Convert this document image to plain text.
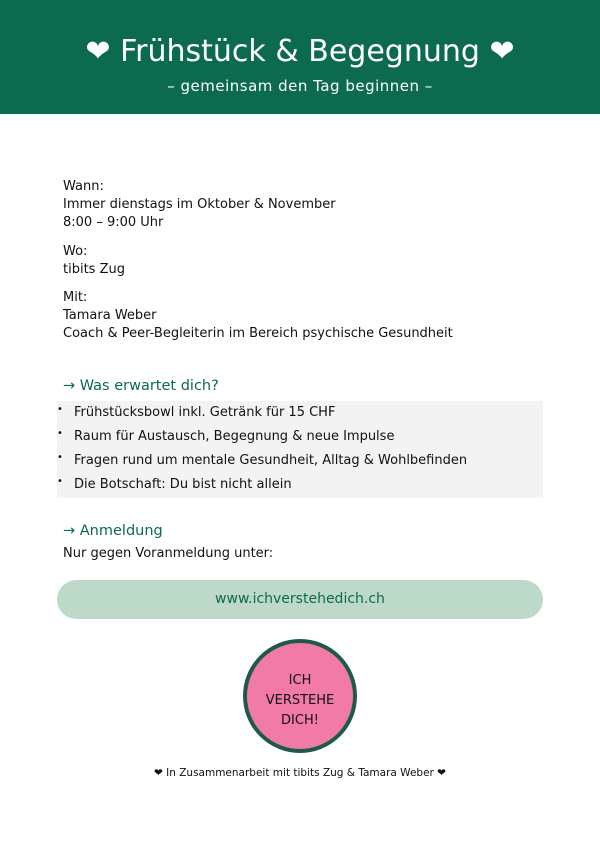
❤ Frühstück & Begegnung ❤
– gemeinsam den Tag beginnen –
Wann:
Immer dienstags im Oktober & November
8:00 – 9:00 Uhr
Wo:
tibits Zug
Mit:
Tamara Weber
Coach & Peer-Begleiterin im Bereich psychische Gesundheit
→ Was erwartet dich?
• Frühstücksbowl inkl. Getränk für 15 CHF
• Raum für Austausch, Begegnung & neue Impulse
• Fragen rund um mentale Gesundheit, Alltag & Wohlbefinden
• Die Botschaft: Du bist nicht allein
→ Anmeldung
Nur gegen Voranmeldung unter:
www.ichverstehedich.ch
ICH
VERSTEHE
DICH!
❤ In Zusammenarbeit mit tibits Zug & Tamara Weber ❤
